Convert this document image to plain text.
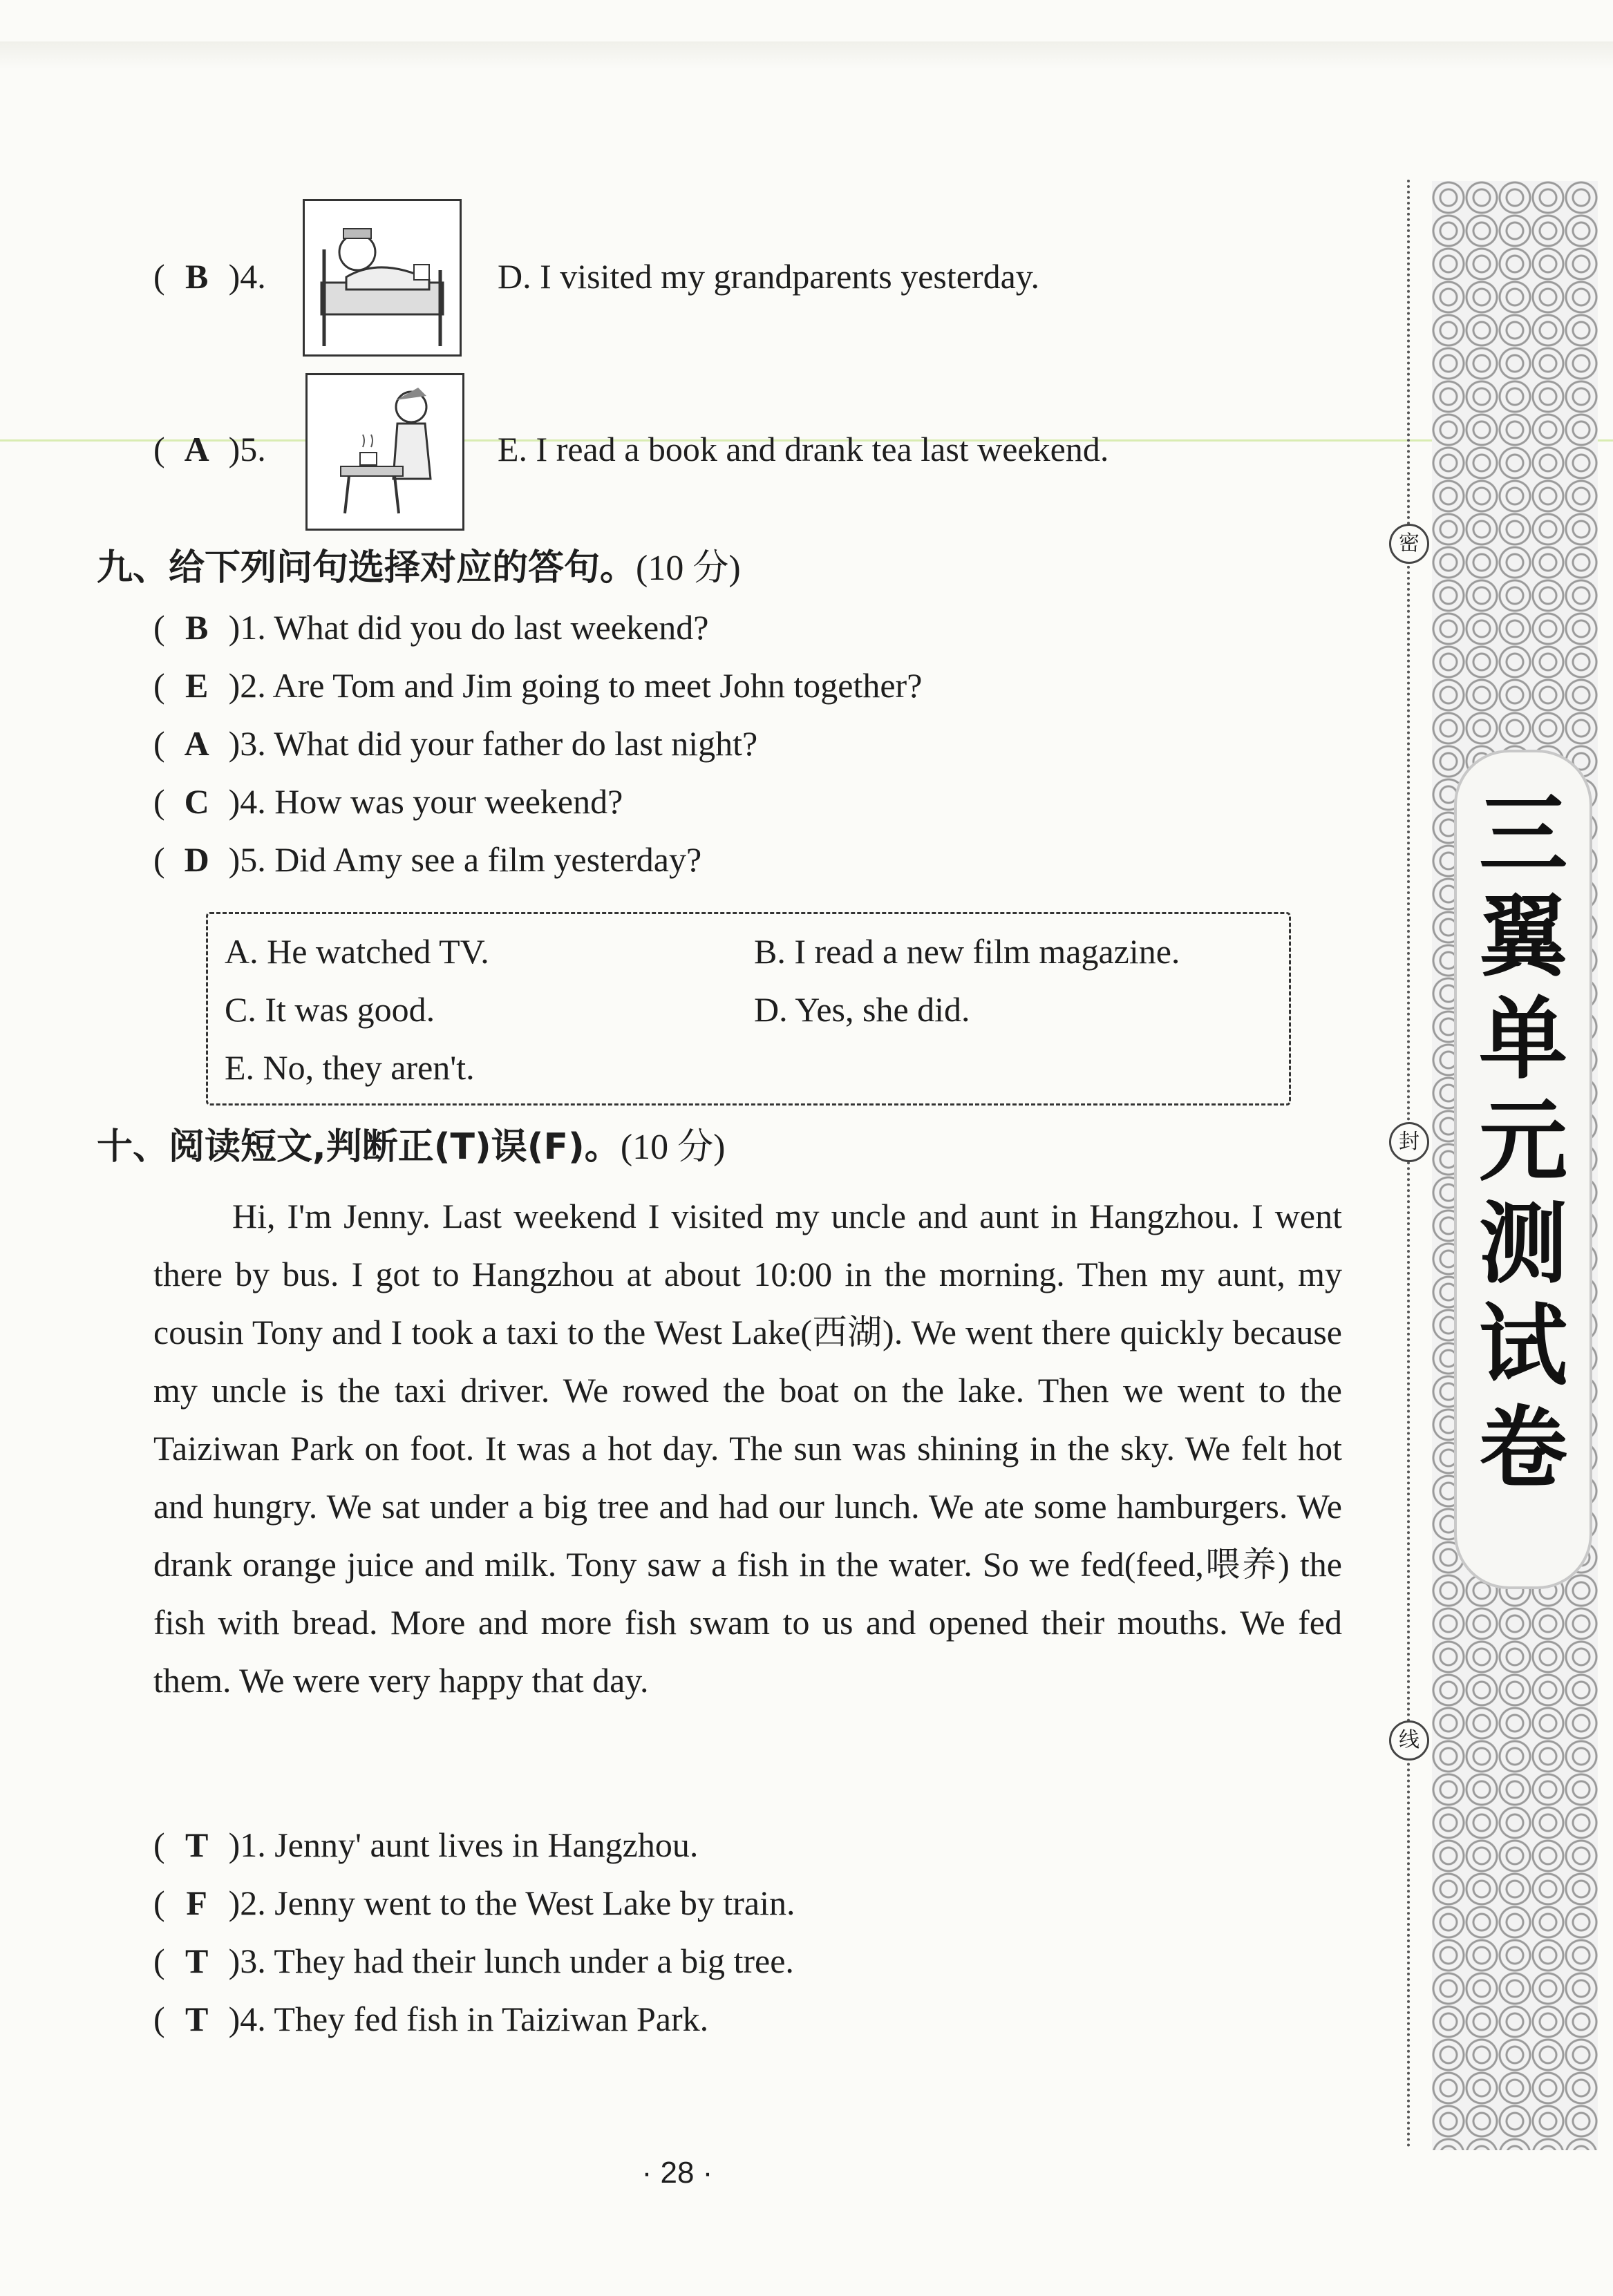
( B )4.	D. I visited my grandparents yesterday.
( A )5.	E. I read a book and drank tea last weekend.
九、给下列问句选择对应的答句。(10 分)
( B )1. What did you do last weekend?
( E )2. Are Tom and Jim going to meet John together?
( A )3. What did your father do last night?
( C )4. How was your weekend?
( D )5. Did Amy see a film yesterday?
A. He watched TV.	B. I read a new film magazine.
C. It was good.	D. Yes, she did.
E. No, they aren't.
十、阅读短文,判断正(T)误(F)。(10 分)

Hi, I'm Jenny. Last weekend I visited my uncle and aunt in Hangzhou. I went there by bus. I got to Hangzhou at about 10:00 in the morning. Then my aunt, my cousin Tony and I took a taxi to the West Lake(西湖). We went there quickly because my uncle is the taxi driver. We rowed the boat on the lake. Then we went to the Taiziwan Park on foot. It was a hot day. The sun was shining in the sky. We felt hot and hungry. We sat under a big tree and had our lunch. We ate some hamburgers. We drank orange juice and milk. Tony saw a fish in the water. So we fed(feed,喂养) the fish with bread. More and more fish swam to us and opened their mouths. We fed them. We were very happy that day.

( T )1. Jenny' aunt lives in Hangzhou.
( F )2. Jenny went to the West Lake by train.
( T )3. They had their lunch under a big tree.
( T )4. They fed fish in Taiziwan Park.
· 28 ·
密
封
线
三
翼
单
元
测
试
卷
